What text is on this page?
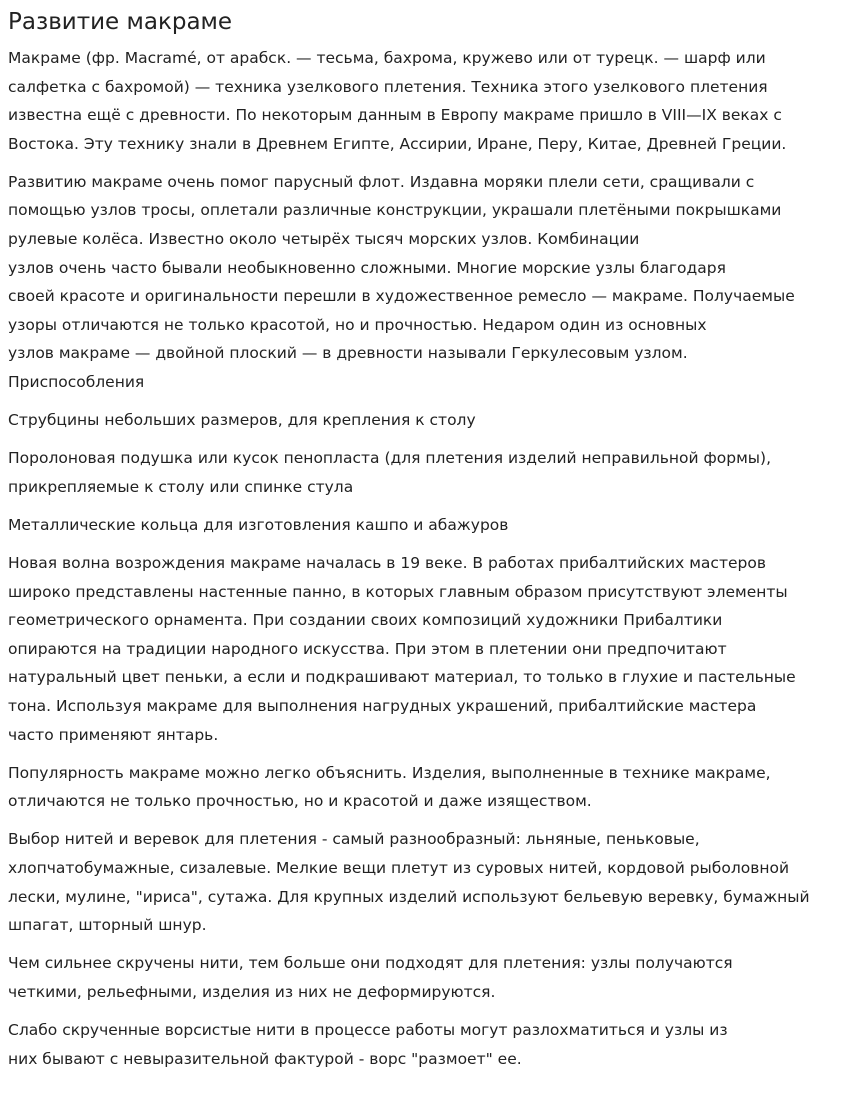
Развитие макраме

Макраме (фр. Macramé, от арабск. — тесьма, бахрома, кружево или от турецк. — шарф или
салфетка с бахромой) — техника узелкового плетения. Техника этого узелкового плетения
известна ещё с древности. По некоторым данным в Европу макраме пришло в VIII—IX веках с
Востока. Эту технику знали в Древнем Египте, Ассирии, Иране, Перу, Китае, Древней Греции.

Развитию макраме очень помог парусный флот. Издавна моряки плели сети, сращивали с
помощью узлов тросы, оплетали различные конструкции, украшали плетёными покрышками
рулевые колёса. Известно около четырёх тысяч морских узлов. Комбинации
узлов очень часто бывали необыкновенно сложными. Многие морские узлы благодаря
своей красоте и оригинальности перешли в художественное ремесло — макраме. Получаемые
узоры отличаются не только красотой, но и прочностью. Недаром один из основных
узлов макраме — двойной плоский — в древности называли Геркулесовым узлом.
Приспособления

Струбцины небольших размеров, для крепления к столу

Поролоновая подушка или кусок пенопласта (для плетения изделий неправильной формы),
прикрепляемые к столу или спинке стула

Металлические кольца для изготовления кашпо и абажуров

Новая волна возрождения макраме началась в 19 веке. В работах прибалтийских мастеров
широко представлены настенные панно, в которых главным образом присутствуют элементы
геометрического орнамента. При создании своих композиций художники Прибалтики
опираются на традиции народного искусства. При этом в плетении они предпочитают
натуральный цвет пеньки, а если и подкрашивают материал, то только в глухие и пастельные
тона. Используя макраме для выполнения нагрудных украшений, прибалтийские мастера
часто применяют янтарь.

Популярность макраме можно легко объяснить. Изделия, выполненные в технике макраме,
отличаются не только прочностью, но и красотой и даже изяществом.

Выбор нитей и веревок для плетения - самый разнообразный: льняные, пеньковые,
хлопчатобумажные, сизалевые. Мелкие вещи плетут из суровых нитей, кордовой рыболовной
лески, мулине, "ириса", сутажа. Для крупных изделий используют бельевую веревку, бумажный
шпагат, шторный шнур.

Чем сильнее скручены нити, тем больше они подходят для плетения: узлы получаются
четкими, рельефными, изделия из них не деформируются.

Слабо скрученные ворсистые нити в процессе работы могут разлохматиться и узлы из
них бывают с невыразительной фактурой - ворс "размоет" ее.
